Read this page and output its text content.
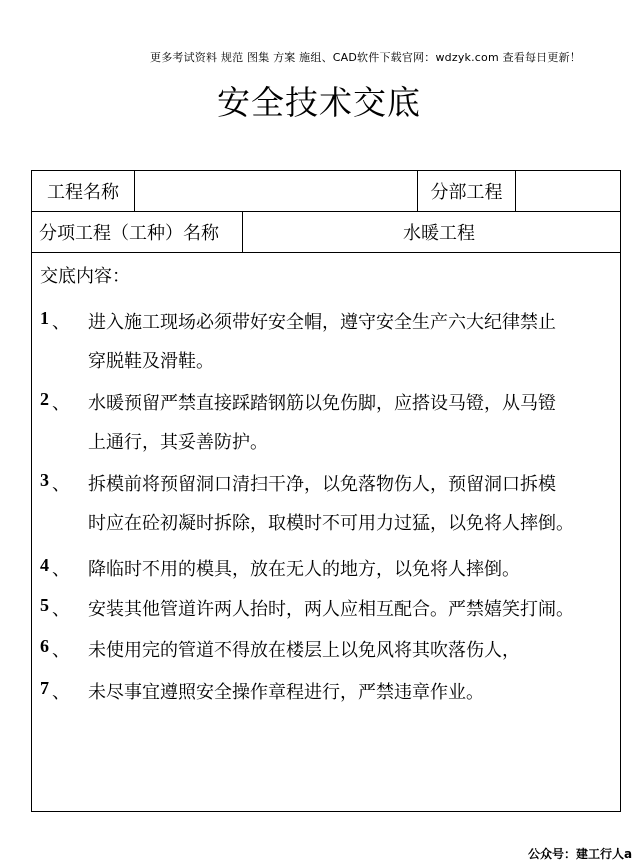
更多考试资料 规范 图集 方案 施组、CAD软件下载官网：wdzyk.com 查看每日更新！
安全技术交底
工程名称	分部工程
分项工程（工种）名称	水暖工程
交底内容：
1 、 进入施工现场必须带好安全帽，遵守安全生产六大纪律禁止
穿脱鞋及滑鞋。
2 、 水暖预留严禁直接踩踏钢筋以免伤脚，应搭设马镫，从马镫
上通行，其妥善防护。
3 、 拆模前将预留洞口清扫干净，以免落物伤人，预留洞口拆模
时应在砼初凝时拆除，取模时不可用力过猛，以免将人摔倒。
4 、 降临时不用的模具，放在无人的地方，以免将人摔倒。
5 、 安装其他管道许两人抬时，两人应相互配合。严禁嬉笑打闹。
6 、 未使用完的管道不得放在楼层上以免风将其吹落伤人，
7 、 未尽事宜遵照安全操作章程进行，严禁违章作业。
公众号：建工行人a
